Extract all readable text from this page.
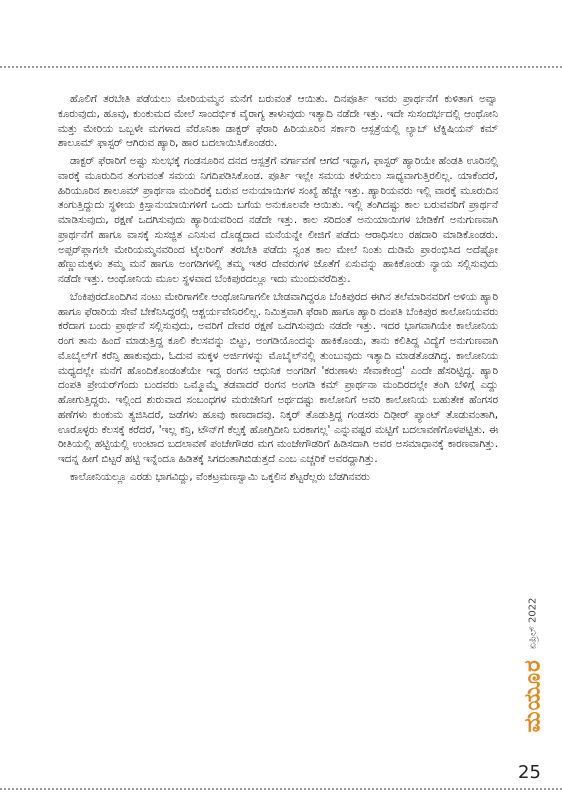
ಹೊಲಿಗೆ ತರಬೇತಿ ಪಡೆಯಲು ಮೇರಿಯಮ್ಮನ ಮನೆಗೆ ಬರುವಂತೆ ಆಯಿತು. ದಿನಪೂರ್ತಿ ಇವರು ಪ್ರಾರ್ಥನೆಗೆ ಕುಳಿತಾಗ ಅವ್ವಾ ಕೂರುವುದು, ಹೂವು, ಕುಂಕುಮದ ಮೇಲೆ ಸಾಂದರ್ಭಿಕ ವೈರಾಗ್ಯ ತಾಳುವುದು ಇತ್ಯಾದಿ ನಡೆದೇ ಇತ್ತು. ಇದೇ ಸುಸಂದರ್ಭದಲ್ಲಿ ಆಂಥೋನಿ ಮತ್ತು ಮೇರಿಯ ಒಬ್ಬಳೇ ಮಗಳಾದ ವೆರೊನಿಕಾ ಡಾಕ್ಟರ್ ಫೆರಾರಿ ಹಿರಿಯೂರಿನ ಸರ್ಕಾರಿ ಆಸ್ಪತ್ರೆಯಲ್ಲಿ ಲ್ಯಾಬ್ ಟೆಕ್ನಿಷಿಯನ್ ಕಮ್ ಶಾಲೂಮ್ ಫಾಸ್ಟರ್ ಆಗಿರುವ ಹ್ಯಾರಿ, ಹಾರ ಬದಲಾಯಿಸಿಕೊಂಡರು.

ಡಾಕ್ಟರ್ ಫೆರಾರಿಗೆ ಅಷ್ಟು ಸುಲಭಕ್ಕೆ ಗಂಡನೂರಿನ ದನದ ಆಸ್ಪತ್ರೆಗೆ ವರ್ಗಾವಣೆ ಆಗದೆ ಇದ್ದಾಗ, ಫಾಸ್ಟರ್ ಹ್ಯಾರಿಯೇ ಹೆಂಡತಿ ಊರಿನಲ್ಲಿ ವಾರಕ್ಕೆ ಮೂರುದಿನ ತಂಗುವಂತೆ ಸಮಯ ನಿಗದಿಪಡಿಸಿಕೊಂಡ. ಪೂರ್ತಿ ಇಲ್ಲೇ ಸಮಯ ಕಳೆಯಲು ಸಾಧ್ಯವಾಗುತ್ತಿರಲಿಲ್ಲ. ಯಾಕೆಂದರೆ, ಹಿರಿಯೂರಿನ ಶಾಲೂಮ್ ಪ್ರಾರ್ಥನಾ ಮಂದಿರಕ್ಕೆ ಬರುವ ಅನುಯಾಯಿಗಳ ಸಂಖ್ಯೆ ಹೆಚ್ಚೇ ಇತ್ತು. ಹ್ಯಾರಿಯವರು ಇಲ್ಲಿ ವಾರಕ್ಕೆ ಮೂರುದಿನ ತಂಗುತ್ತಿದ್ದುದು ಸ್ಥಳೀಯ ಕ್ರಿಸ್ತಾನುಯಾಯಿಗಳಿಗೆ ಒಂದು ಬಗೆಯ ಅನುಕೂಲವೇ ಆಯಿತು. ಇಲ್ಲಿ ತಂಗಿದಷ್ಟು ಕಾಲ ಬರುವವರಿಗೆ ಪ್ರಾರ್ಥನೆ ಮಾಡಿಸುವುದು, ರಕ್ಷಣೆ ಒದಗಿಸುವುದು ಹ್ಯಾರಿಯವರಿಂದ ನಡೆದೇ ಇತ್ತು. ಕಾಲ ಸರಿದಂತೆ ಅನುಯಾಯಿಗಳ ಬೇಡಿಕೆಗೆ ಅನುಗುಣವಾಗಿ ಪ್ರಾರ್ಥನೆಗೆ ಹಾಗೂ ವಾಸಕ್ಕೆ ಸುಸಜ್ಜಿತ ಎನಿಸುವ ದೊಡ್ಡದಾದ ಮನೆಯನ್ನೇ ಲೀಜಿಗೆ ಪಡೆದು ಆರಾಧಿಸಲು ರಹದಾರಿ ಮಾಡಿಕೊಂಡರು. ಅಪ್ಪರ್‌ಪ್ಲಾಗಲೇ ಮೇರಿಯಮ್ಮನವರಿಂದ ಟೈಲರಿಂಗ್ ತರಬೇತಿ ಪಡೆದು ಸ್ವಂತ ಕಾಲ ಮೇಲೆ ನಿಂತು ದುಡಿಮೆ ಪ್ರಾರಂಭಿಸಿದ ಅದೆಷ್ಟೋ ಹೆಣ್ಣುಮಕ್ಕಳು ತಮ್ಮ ಮನೆ ಹಾಗೂ ಅಂಗಡಿಗಳಲ್ಲಿ ತಮ್ಮ ಇತರ ದೇವರುಗಳ ಜೊತೆಗೆ ಏಸುವನ್ನು ಹಾಕಿಕೊಂಡು ನ್ಯಾಯ ಸಲ್ಲಿಸುವುದು ನಡೆದೇ ಇತ್ತು. ಆಂಥೋನಿಯ ಮೂಲ ಸ್ಥಳವಾದ ಬೆಂಕಿಪುರದಲ್ಲೂ ಇದು ಮುಂದುವರೆದಿತ್ತು.

ಬೆಂಕಿಪುರದೊಂದಿಗಿನ ನಂಟು ಮೇರಿಗಾಗಲೀ ಆಂಥೋನಿಗಾಗಲೀ ಬೇಡವಾಗಿದ್ದರೂ ಬೆಂಕಿಪುರದ ಈಗಿನ ತಲೆಮಾರಿನವರಿಗೆ ಅಳಿಯ ಹ್ಯಾರಿ ಹಾಗೂ ಫೆರಾರಿಯ ಸೇವೆ ಬೇಕೆನಿಸಿದ್ದರಲ್ಲಿ ಆಶ್ಚರ್ಯವೇನಿರಲಿಲ್ಲ. ನಿಮಿತ್ತವಾಗಿ ಫೆರಾರಿ ಹಾಗೂ ಹ್ಯಾರಿ ದಂಪತಿ ಬೆಂಕಿಪುರ ಕಾಲೋನಿಯವರು ಕರೆದಾಗ ಬಂದು ಪ್ರಾರ್ಥನೆ ಸಲ್ಲಿಸುವುದು, ಅವರಿಗೆ ದೇವರ ರಕ್ಷಣೆ ಒದಗಿಸುವುದು ನಡದೇ ಇತ್ತು. ಇದರ ಭಾಗವಾಗಿಯೇ ಕಾಲೋನಿಯ ರಂಗ ತಾನು ಹಿಂದೆ ಮಾಡುತ್ತಿದ್ದ ಕೂಲಿ ಕೆಲಸವನ್ನು ಬಿಟ್ಟು, ಅಂಗಡಿಯೊಂದನ್ನು ಹಾಕಿಕೊಂಡು, ತಾನು ಕಲಿತಿದ್ದ ವಿದ್ಯೆಗೆ ಅನುಗುಣವಾಗಿ ಮೊಬೈಲ್‌ಗೆ ಕರೆನ್ಸಿ ಹಾಕುವುದು, ಓದುವ ಮಕ್ಕಳ ಅರ್ಜಿಗಳನ್ನು ಮೊಬೈಲ್‌ನಲ್ಲಿ ತುಂಬುವುದು ಇತ್ಯಾದಿ ಮಾಡತೊಡಗಿದ್ದ. ಕಾಲೋನಿಯ ಮಧ್ಯದಲ್ಲೇ ಮನೆಗೆ ಹೊಂದಿಕೊಂಡಂತೆಯೇ ಇದ್ದ ರಂಗನ ಆಧುನಿಕ ಅಂಗಡಿಗೆ 'ಕರುಣಾಳು ಸೇವಾಕೇಂದ್ರ' ಎಂದೇ ಹೆಸರಿಟ್ಟಿದ್ದ. ಹ್ಯಾರಿ ದಂಪತಿ ಪ್ರೇಯರ್‌ಗೆಂದು ಬಂದವರು ಒಮ್ಮೊಮ್ಮೆ ತಡವಾದರೆ ರಂಗನ ಅಂಗಡಿ ಕಮ್ ಪ್ರಾರ್ಥನಾ ಮಂದಿರದಲ್ಲೇ ತಂಗಿ ಬೆಳಿಗ್ಗೆ ಎದ್ದು ಹೋಗುತ್ತಿದ್ದರು. ಇಲ್ಲಿಂದ ಶುರುವಾದ ಸಂಬಂಧಗಳ ಮರುಜೇನಿಗೆ ಅರ್ಥದಷ್ಟು ಕಾಲೋನಿಗೆ ಅವರಿ ಕಾಲೋನಿಯ ಬಹುತೇಕ ಹೆಂಗಸರ ಹಣೆಗಳು ಕುಂಕುಮ ತ್ಯಜಿಸಿದರೆ, ಜಡೆಗಳು ಹೂವು ಕಾಣದಾದವು. ನಿಕ್ಕರ್ ತೊಡುತ್ತಿದ್ದ ಗಂಡಸರು ದಿಢೀರ್ ಪ್ಯಾಂಟ್ ತೊಡುವಂತಾಗಿ, ಊರೊಳ್ಳರು ಕೆಲಸಕ್ಕೆ ಕರೆದರೆ, 'ಇಲ್ಲ ಕನ್ರಿ, ಟೌನ್‌ಗೆ ಕೆಲ್ಸಕ್ಕೆ ಹೋಗ್ತಿದೀನಿ ಬರಕಾಗಲ್ಲ' ಎನ್ನುವಷ್ಟರ ಮಟ್ಟಿಗೆ ಬದಲಾವಣೆಗೊಳಪಟ್ಟಿತು. ಈ ರೀತಿಯಲ್ಲಿ ಹಟ್ಟಿಯಲ್ಲಿ ಉಂಟಾದ ಬದಲಾವಣೆ ಪಂಚೇಗೌಡರ ಮಗ ಮಂಜೇಗೌಡರಿಗೆ ಹಿಡಿಸದಾಗಿ ಅವರ ಅಸಮಾಧಾನಕ್ಕೆ ಕಾರಣವಾಗಿತ್ತು. ಇದನ್ನ ಹೀಗೆ ಬಿಟ್ಟರೆ ಹಟ್ಟಿ ಇನ್ನೆಂದೂ ಹಿಡಿತಕ್ಕೆ ಸಿಗದಂತಾಗಿಬಿಡುತ್ತದೆ ಎಂಬ ಎಚ್ಚರಿಕೆ ಅವರದ್ದಾಗಿತ್ತು.

ಕಾಲೋನಿಯಲ್ಲೂ ಎರಡು ಭಾಗವಿದ್ದು, ವೆಂಕಟ್ರಮಣಸ್ವಾಮಿ ಒಕ್ಕಲಿನ ಶೆಟ್ಟರೆಲ್ಲರು ಬೆಡಗಿನವರು

ಮಯೂರ
ಏಪ್ರಿಲ್ 2022
25
